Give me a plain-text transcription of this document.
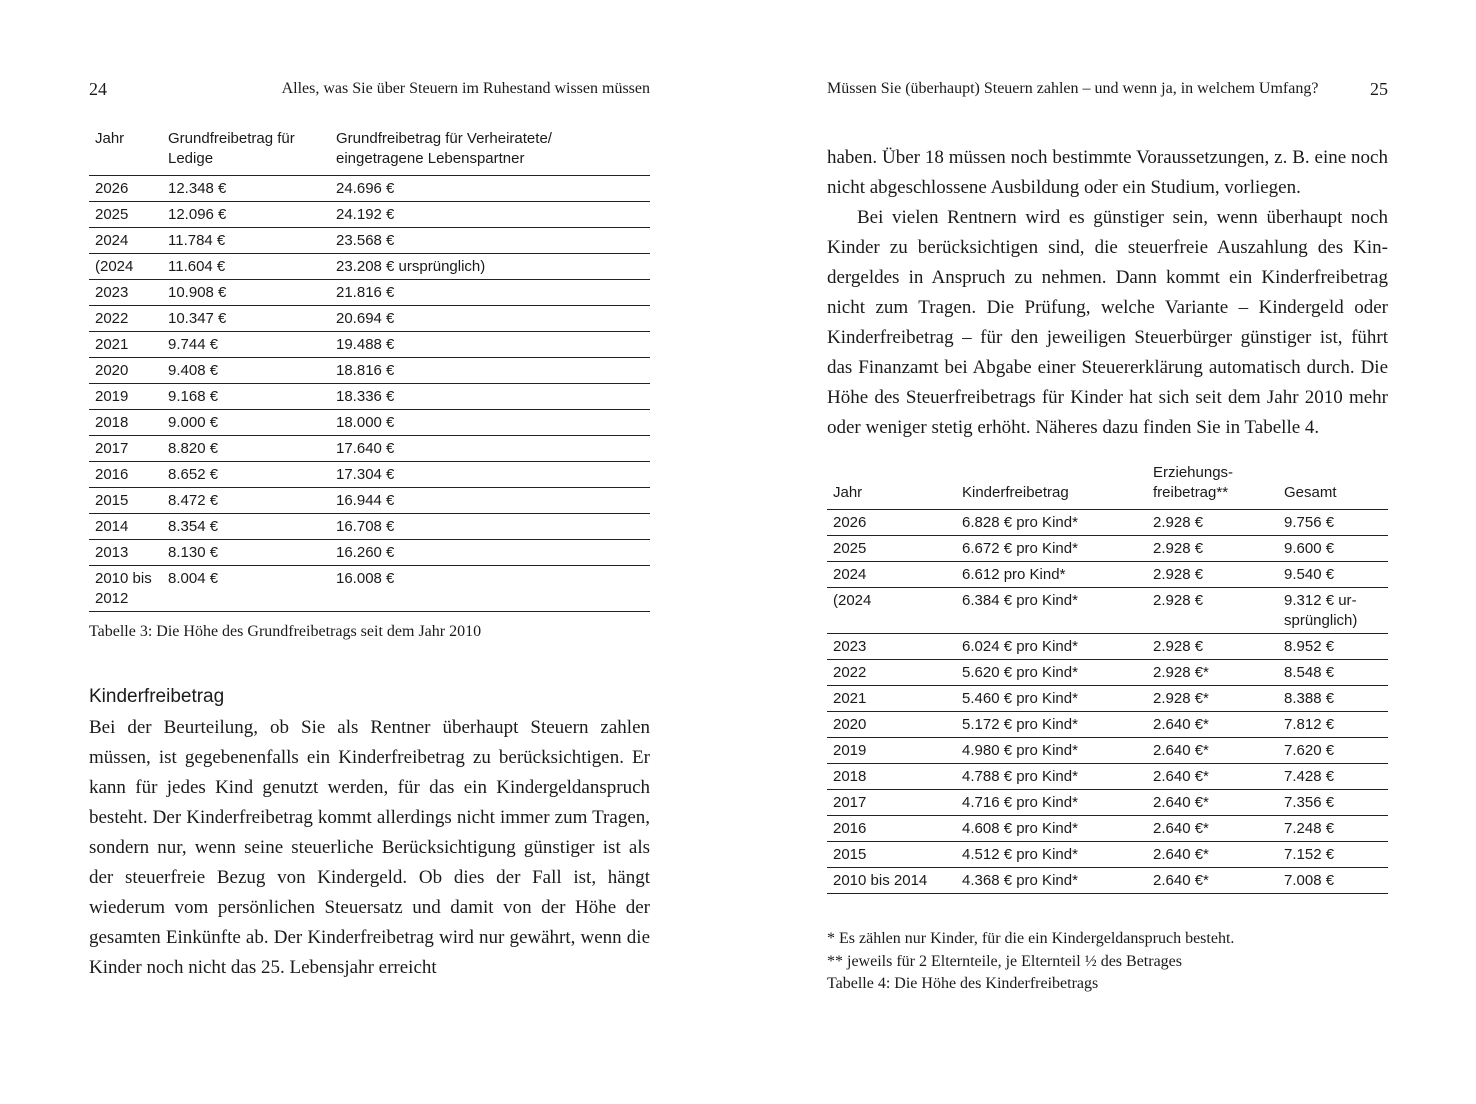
24	Alles, was Sie über Steuern im Ruhestand wissen müssen
Jahr	Grundfreibetrag für Ledige	Grundfreibetrag für Verheiratete/ eingetragene Lebenspartner
2026	12.348 €	24.696 €
2025	12.096 €	24.192 €
2024	11.784 €	23.568 €
(2024	11.604 €	23.208 € ursprünglich)
2023	10.908 €	21.816 €
2022	10.347 €	20.694 €
2021	9.744 €	19.488 €
2020	9.408 €	18.816 €
2019	9.168 €	18.336 €
2018	9.000 €	18.000 €
2017	8.820 €	17.640 €
2016	8.652 €	17.304 €
2015	8.472 €	16.944 €
2014	8.354 €	16.708 €
2013	8.130 €	16.260 €
2010 bis 2012	8.004 €	16.008 €
Tabelle 3: Die Höhe des Grundfreibetrags seit dem Jahr 2010
Kinderfreibetrag

Bei der Beurteilung, ob Sie als Rentner überhaupt Steuern zahlen müssen, ist gegebenenfalls ein Kinderfreibetrag zu berücksichtigen. Er kann für jedes Kind genutzt werden, für das ein Kindergeldanspruch besteht. Der Kinderfreibetrag kommt allerdings nicht immer zum Tragen, sondern nur, wenn seine steuerliche Berücksichtigung günstiger ist als der steuerfreie Bezug von Kindergeld. Ob dies der Fall ist, hängt wiederum vom persönlichen Steuersatz und damit von der Höhe der gesamten Einkünfte ab. Der Kinderfreibetrag wird nur gewährt, wenn die Kinder noch nicht das 25. Lebensjahr erreicht

Müssen Sie (überhaupt) Steuern zahlen – und wenn ja, in welchem Umfang?	25

haben. Über 18 müssen noch bestimmte Voraussetzungen, z. B. eine noch nicht abgeschlossene Ausbildung oder ein Studium, vorliegen.

Bei vielen Rentnern wird es günstiger sein, wenn überhaupt noch Kinder zu berücksichtigen sind, die steuerfreie Auszahlung des Kindergeldes in Anspruch zu nehmen. Dann kommt ein Kinderfreibetrag nicht zum Tragen. Die Prüfung, welche Variante – Kindergeld oder Kinderfreibetrag – für den jeweiligen Steuerbürger günstiger ist, führt das Finanzamt bei Abgabe einer Steuererklärung automatisch durch. Die Höhe des Steuerfreibetrags für Kinder hat sich seit dem Jahr 2010 mehr oder weniger stetig erhöht. Näheres dazu finden Sie in Tabelle 4.

Jahr	Kinderfreibetrag	Erziehungs- freibetrag**	Gesamt
2026	6.828 € pro Kind*	2.928 €	9.756 €
2025	6.672 € pro Kind*	2.928 €	9.600 €
2024	6.612 pro Kind*	2.928 €	9.540 €
(2024	6.384 € pro Kind*	2.928 €	9.312 € ursprünglich)
2023	6.024 € pro Kind*	2.928 €	8.952 €
2022	5.620 € pro Kind*	2.928 €*	8.548 €
2021	5.460 € pro Kind*	2.928 €*	8.388 €
2020	5.172 € pro Kind*	2.640 €*	7.812 €
2019	4.980 € pro Kind*	2.640 €*	7.620 €
2018	4.788 € pro Kind*	2.640 €*	7.428 €
2017	4.716 € pro Kind*	2.640 €*	7.356 €
2016	4.608 € pro Kind*	2.640 €*	7.248 €
2015	4.512 € pro Kind*	2.640 €*	7.152 €
2010 bis 2014	4.368 € pro Kind*	2.640 €*	7.008 €
* Es zählen nur Kinder, für die ein Kindergeldanspruch besteht.
** jeweils für 2 Elternteile, je Elternteil ½ des Betrages
Tabelle 4: Die Höhe des Kinderfreibetrags
